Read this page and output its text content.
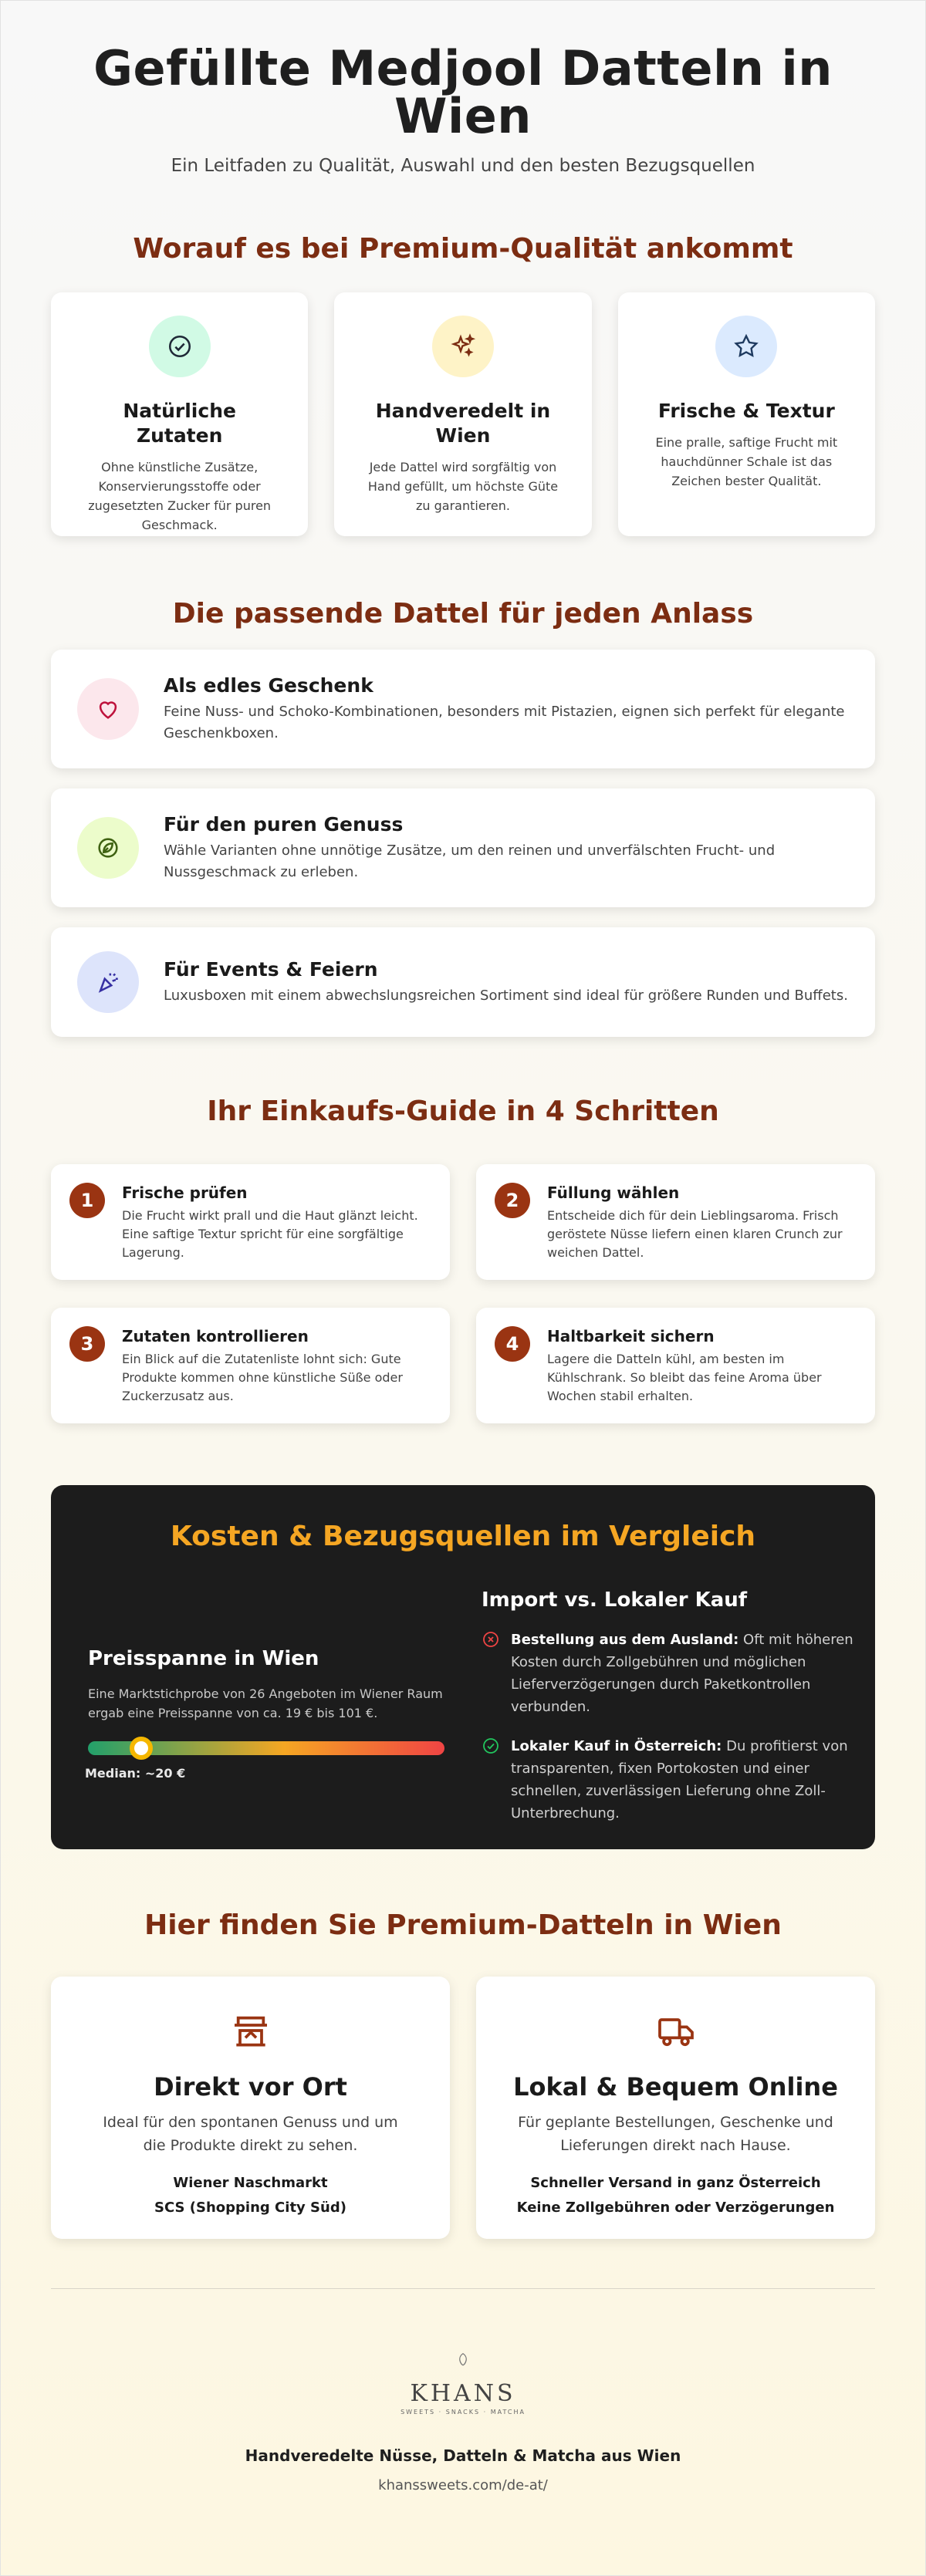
Gefüllte Medjool Datteln in Wien

Ein Leitfaden zu Qualität, Auswahl und den besten Bezugsquellen

Worauf es bei Premium-Qualität ankommt
Natürliche Zutaten

Ohne künstliche Zusätze, Konservierungsstoffe oder zugesetzten Zucker für puren Geschmack.

Handveredelt in Wien

Jede Dattel wird sorgfältig von Hand gefüllt, um höchste Güte zu garantieren.

Frische & Textur

Eine pralle, saftige Frucht mit hauchdünner Schale ist das Zeichen bester Qualität.

Die passende Dattel für jeden Anlass
Als edles Geschenk

Feine Nuss- und Schoko-Kombinationen, besonders mit Pistazien, eignen sich perfekt für elegante Geschenkboxen.

Für den puren Genuss

Wähle Varianten ohne unnötige Zusätze, um den reinen und unverfälschten Frucht- und Nussgeschmack zu erleben.

Für Events & Feiern

Luxusboxen mit einem abwechslungsreichen Sortiment sind ideal für größere Runden und Buffets.

Ihr Einkaufs-Guide in 4 Schritten
1	Frische prüfen

Die Frucht wirkt prall und die Haut glänzt leicht. Eine saftige Textur spricht für eine sorgfältige Lagerung.

2	Füllung wählen

Entscheide dich für dein Lieblingsaroma. Frisch geröstete Nüsse liefern einen klaren Crunch zur weichen Dattel.

3	Zutaten kontrollieren

Ein Blick auf die Zutatenliste lohnt sich: Gute Produkte kommen ohne künstliche Süße oder Zuckerzusatz aus.

4	Haltbarkeit sichern

Lagere die Datteln kühl, am besten im Kühlschrank. So bleibt das feine Aroma über Wochen stabil erhalten.

Kosten & Bezugsquellen im Vergleich
Preisspanne in Wien

Eine Marktstichprobe von 26 Angeboten im Wiener Raum ergab eine Preisspanne von ca. 19 € bis 101 €.

Median: ~20 €
Import vs. Lokaler Kauf

Bestellung aus dem Ausland: Oft mit höheren Kosten durch Zollgebühren und möglichen Lieferverzögerungen durch Paketkontrollen verbunden.

Lokaler Kauf in Österreich: Du profitierst von transparenten, fixen Portokosten und einer schnellen, zuverlässigen Lieferung ohne Zoll-Unterbrechung.

Hier finden Sie Premium-Datteln in Wien
Direkt vor Ort

Ideal für den spontanen Genuss und um die Produkte direkt zu sehen.

Wiener Naschmarkt
SCS (Shopping City Süd)
Lokal & Bequem Online

Für geplante Bestellungen, Geschenke und Lieferungen direkt nach Hause.

Schneller Versand in ganz Österreich
Keine Zollgebühren oder Verzögerungen
KHANS
SWEETS · SNACKS · MATCHA
Handveredelte Nüsse, Datteln & Matcha aus Wien
khanssweets.com/de-at/
